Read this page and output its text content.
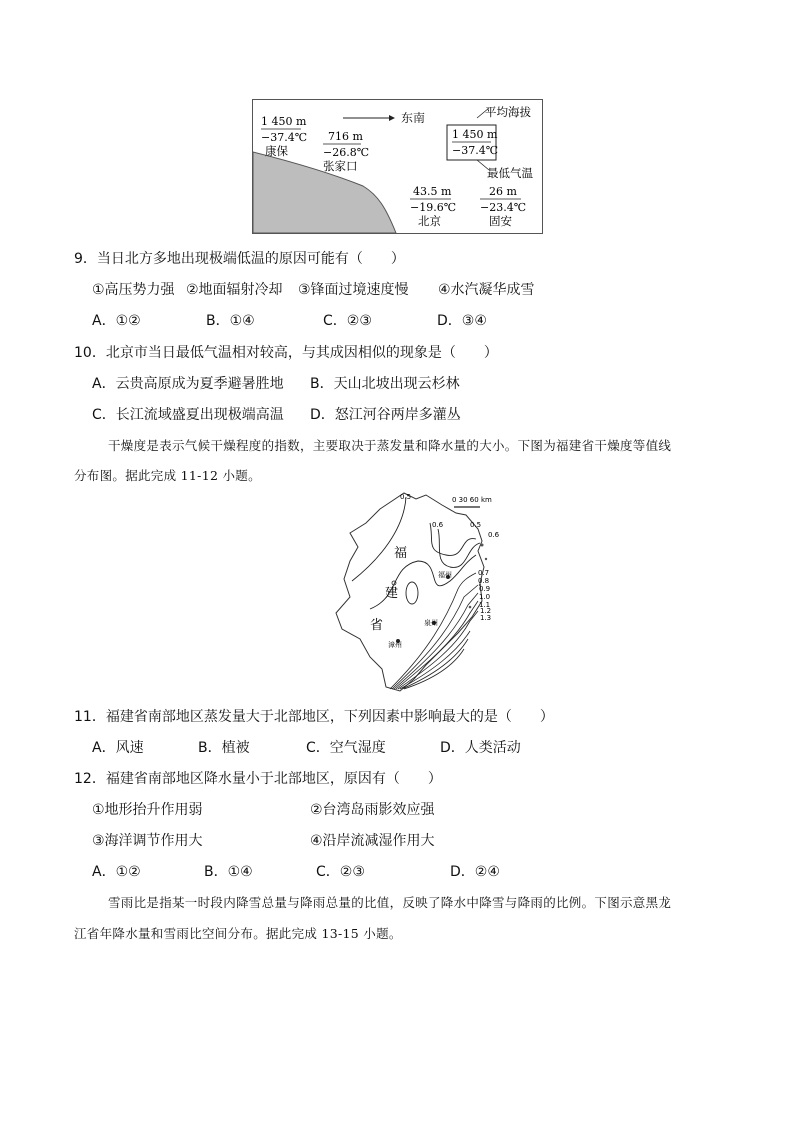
东南
1 450 m
−37.4℃
康保
716 m
−26.8℃
张家口
平均海拔
1 450 m
−37.4℃
最低气温
43.5 m
−19.6℃
北京
26 m
−23.4℃
固安
9．当日北方多地出现极端低温的原因可能有（　　）
①高压势力强 ②地面辐射冷却 ③锋面过境速度慢 ④水汽凝华成雪
A．①②	B．①④	C．②③	D．③④
10．北京市当日最低气温相对较高，与其成因相似的现象是（　　）
A．云贵高原成为夏季避暑胜地 B．天山北坡出现云杉林
C．长江流域盛夏出现极端高温 D．怒江河谷两岸多灌丛
干燥度是表示气候干燥程度的指数，主要取决于蒸发量和降水量的大小。下图为福建省干燥度等值线
分布图。据此完成 11-12 小题。
0 30 60 km
福
建
省
福州
泉州
漳州
0.5
0.6	0.5
0.6
0.7
0.8
0.9
1.0
1.1
1.2
1.3
11．福建省南部地区蒸发量大于北部地区，下列因素中影响最大的是（　　）
A．风速	B．植被	C．空气湿度	D．人类活动
12．福建省南部地区降水量小于北部地区，原因有（　　）
①地形抬升作用弱	②台湾岛雨影效应强
③海洋调节作用大	④沿岸流减湿作用大
A．①②	B．①④	C．②③	D．②④
雪雨比是指某一时段内降雪总量与降雨总量的比值，反映了降水中降雪与降雨的比例。下图示意黑龙
江省年降水量和雪雨比空间分布。据此完成 13-15 小题。
